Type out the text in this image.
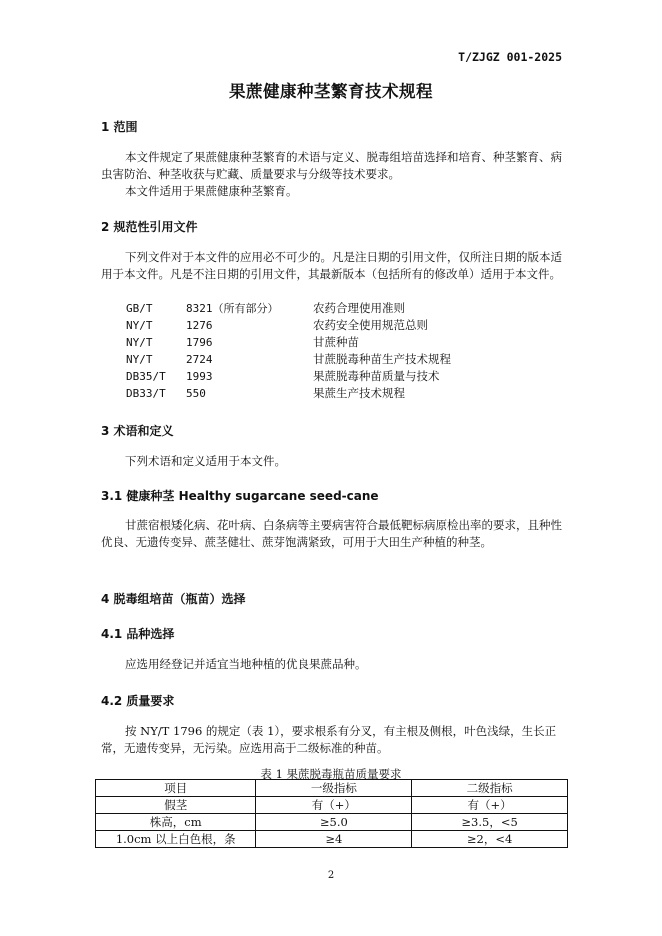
T/ZJGZ 001-2025
果蔗健康种茎繁育技术规程
1 范围

本文件规定了果蔗健康种茎繁育的术语与定义、脱毒组培苗选择和培育、种茎繁育、病虫害防治、种茎收获与贮藏、质量要求与分级等技术要求。

本文件适用于果蔗健康种茎繁育。

2 规范性引用文件

下列文件对于本文件的应用必不可少的。凡是注日期的引用文件，仅所注日期的版本适用于本文件。凡是不注日期的引用文件，其最新版本（包括所有的修改单）适用于本文件。

GB/T	8321（所有部分）	农药合理使用准则
NY/T	1276	农药安全使用规范总则
NY/T	1796	甘蔗种苗
NY/T	2724	甘蔗脱毒种苗生产技术规程
DB35/T 1993	果蔗脱毒种苗质量与技术
DB33/T 550	果蔗生产技术规程
3 术语和定义

下列术语和定义适用于本文件。

3.1 健康种茎 Healthy sugarcane seed-cane

甘蔗宿根矮化病、花叶病、白条病等主要病害符合最低靶标病原检出率的要求，且种性优良、无遗传变异、蔗茎健壮、蔗芽饱满紧致，可用于大田生产种植的种茎。

4 脱毒组培苗（瓶苗）选择
4.1 品种选择

应选用经登记并适宜当地种植的优良果蔗品种。

4.2 质量要求

按 NY/T 1796 的规定（表 1），要求根系有分叉，有主根及侧根，叶色浅绿，生长正常，无遗传变异，无污染。应选用高于二级标准的种苗。

表 1 果蔗脱毒瓶苗质量要求
项目	一级指标	二级指标
假茎	有（+）	有（+）
株高，cm	≥5.0	≥3.5，<5
1.0cm 以上白色根，条	≥4	≥2，<4
2
